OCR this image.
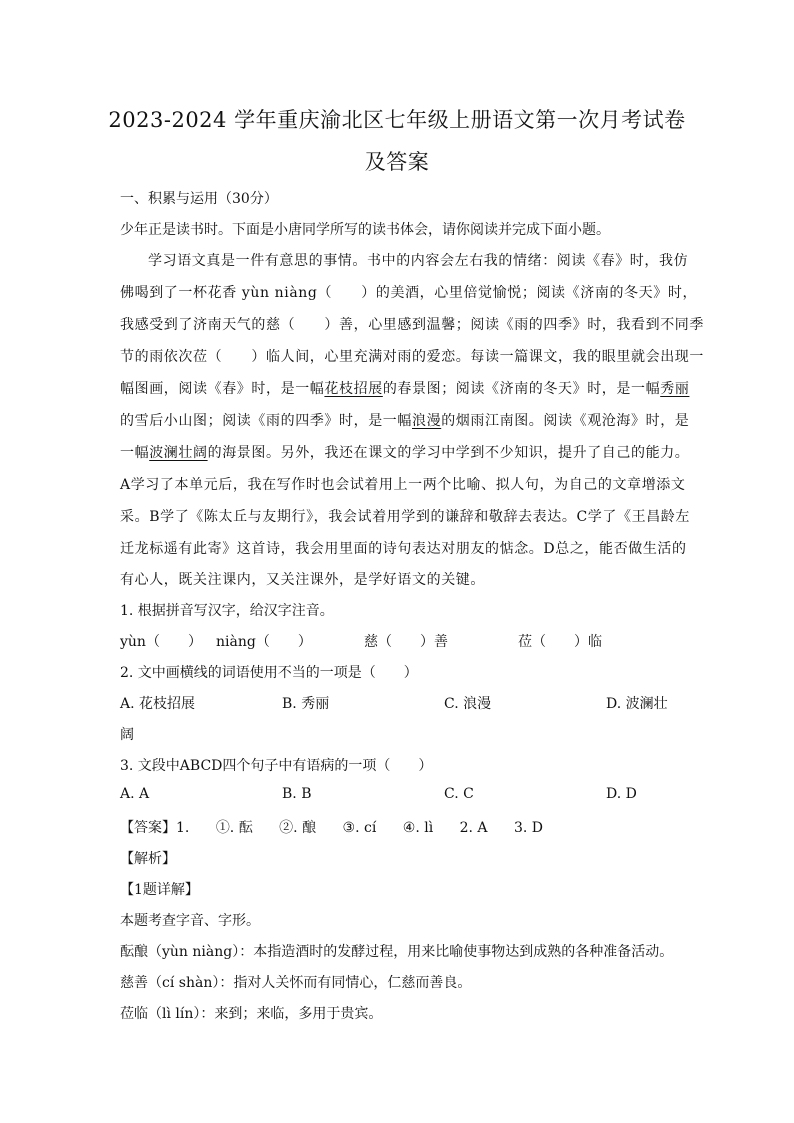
2023-2024 学年重庆渝北区七年级上册语文第一次月考试卷
及答案
一、积累与运用（30分）
少年正是读书时。下面是小唐同学所写的读书体会，请你阅读并完成下面小题。
学习语文真是一件有意思的事情。书中的内容会左右我的情绪：阅读《春》时，我仿
佛喝到了一杯花香 yùn niàng（　　）的美酒，心里倍觉愉悦；阅读《济南的冬天》时，
我感受到了济南天气的慈（　　）善，心里感到温馨；阅读《雨的四季》时，我看到不同季
节的雨依次莅（　　）临人间，心里充满对雨的爱恋。每读一篇课文，我的眼里就会出现一
幅图画，阅读《春》时，是一幅花枝招展的春景图；阅读《济南的冬天》时，是一幅秀丽
的雪后小山图；阅读《雨的四季》时，是一幅浪漫的烟雨江南图。阅读《观沧海》时，是
一幅波澜壮阔的海景图。另外，我还在课文的学习中学到不少知识，提升了自己的能力。
A学习了本单元后，我在写作时也会试着用上一两个比喻、拟人句，为自己的文章增添文
采。B学了《陈太丘与友期行》，我会试着用学到的谦辞和敬辞去表达。C学了《王昌龄左
迁龙标遥有此寄》这首诗，我会用里面的诗句表达对朋友的惦念。D总之，能否做生活的
有心人，既关注课内，又关注课外，是学好语文的关键。
1. 根据拼音写汉字，给汉字注音。
yùn（　　） niàng（　　）	慈（　　）善	莅（　　）临
2. 文中画横线的词语使用不当的一项是（　　）
A. 花枝招展	B. 秀丽	C. 浪漫	D. 波澜壮
阔
3. 文段中ABCD四个句子中有语病的一项（　　）
A. A	B. B	C. C	D. D
【答案】1. ①. 酝 ②. 酿 ③. cí ④. lì 2. A 3. D
【解析】
【1题详解】
本题考查字音、字形。
酝酿（yùn niàng）：本指造酒时的发酵过程，用来比喻使事物达到成熟的各种准备活动。
慈善（cí shàn）：指对人关怀而有同情心，仁慈而善良。
莅临（lì lín）：来到；来临，多用于贵宾。
